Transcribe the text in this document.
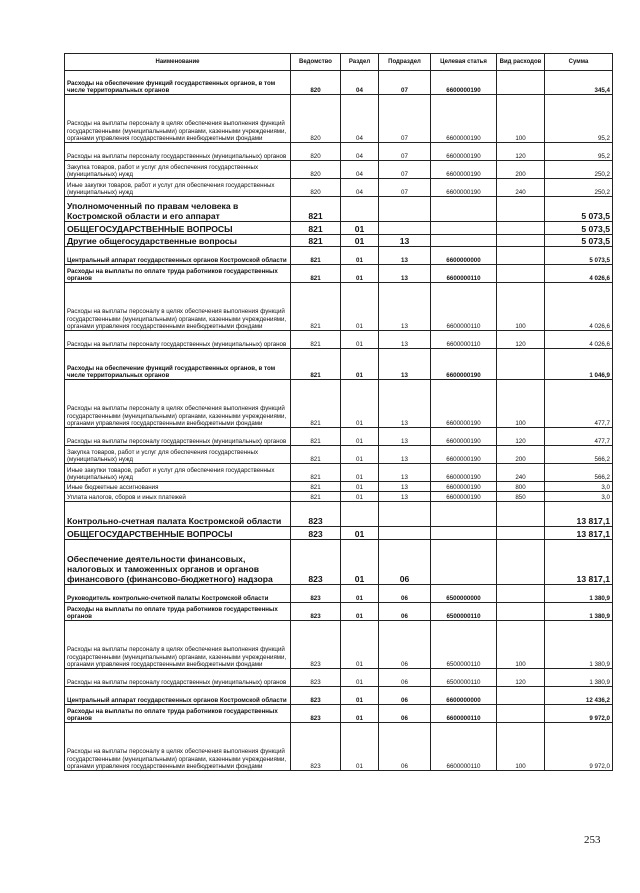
Наименование	Ведомство	Раздел	Подраздел	Целевая статья	Вид расходов	Сумма
Расходы на обеспечение функций государственных органов, в том числе территориальных органов	820	04	07	6600000190		345,4
Расходы на выплаты персоналу в целях обеспечения выполнения функций государственными (муниципальными) органами, казенными учреждениями, органами управления государственными внебюджетными фондами	820	04	07	6600000190	100	95,2
Расходы на выплаты персоналу государственных (муниципальных) органов	820	04	07	6600000190	120	95,2
Закупка товаров, работ и услуг для обеспечения государственных (муниципальных) нужд	820	04	07	6600000190	200	250,2
Иные закупки товаров, работ и услуг для обеспечения государственных (муниципальных) нужд	820	04	07	6600000190	240	250,2
Уполномоченный по правам человека в Костромской области и его аппарат	821					5 073,5
ОБЩЕГОСУДАРСТВЕННЫЕ ВОПРОСЫ	821	01				5 073,5
Другие общегосударственные вопросы	821	01	13			5 073,5
Центральный аппарат государственных органов Костромской области	821	01	13	6600000000		5 073,5
Расходы на выплаты по оплате труда работников государственных органов	821	01	13	6600000110		4 026,6
Расходы на выплаты персоналу в целях обеспечения выполнения функций государственными (муниципальными) органами, казенными учреждениями, органами управления государственными внебюджетными фондами	821	01	13	6600000110	100	4 026,6
Расходы на выплаты персоналу государственных (муниципальных) органов	821	01	13	6600000110	120	4 026,6
Расходы на обеспечение функций государственных органов, в том числе территориальных органов	821	01	13	6600000190		1 046,9
Расходы на выплаты персоналу в целях обеспечения выполнения функций государственными (муниципальными) органами, казенными учреждениями, органами управления государственными внебюджетными фондами	821	01	13	6600000190	100	477,7
Расходы на выплаты персоналу государственных (муниципальных) органов	821	01	13	6600000190	120	477,7
Закупка товаров, работ и услуг для обеспечения государственных (муниципальных) нужд	821	01	13	6600000190	200	566,2
Иные закупки товаров, работ и услуг для обеспечения государственных (муниципальных) нужд	821	01	13	6600000190	240	566,2
Иные бюджетные ассигнования	821	01	13	6600000190	800	3,0
Уплата налогов, сборов и иных платежей	821	01	13	6600000190	850	3,0
Контрольно-счетная палата Костромской области	823					13 817,1
ОБЩЕГОСУДАРСТВЕННЫЕ ВОПРОСЫ	823	01				13 817,1
Обеспечение деятельности финансовых, налоговых и таможенных органов и органов финансового (финансово-бюджетного) надзора	823	01	06			13 817,1
Руководитель контрольно-счетной палаты Костромской области	823	01	06	6500000000		1 380,9
Расходы на выплаты по оплате труда работников государственных органов	823	01	06	6500000110		1 380,9
Расходы на выплаты персоналу в целях обеспечения выполнения функций государственными (муниципальными) органами, казенными учреждениями, органами управления государственными внебюджетными фондами	823	01	06	6500000110	100	1 380,9
Расходы на выплаты персоналу государственных (муниципальных) органов	823	01	06	6500000110	120	1 380,9
Центральный аппарат государственных органов Костромской области	823	01	06	6600000000		12 436,2
Расходы на выплаты по оплате труда работников государственных органов	823	01	06	6600000110		9 972,0
Расходы на выплаты персоналу в целях обеспечения выполнения функций государственными (муниципальными) органами, казенными учреждениями, органами управления государственными внебюджетными фондами	823	01	06	6600000110	100	9 972,0
253
